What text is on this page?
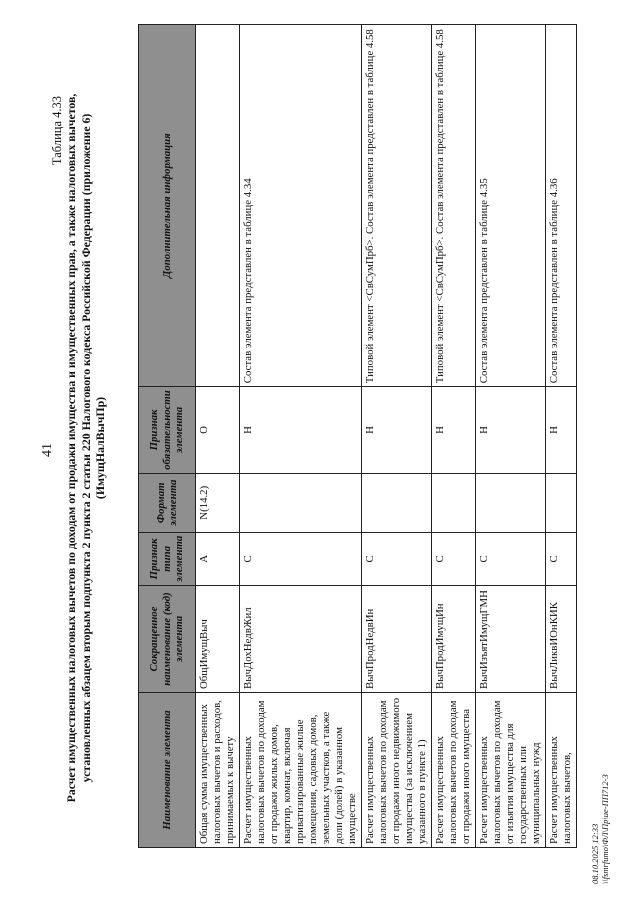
41
Таблица 4.33 Расчет имущественных налоговых вычетов по доходам от продажи имущества и имущественных прав, а также налоговых вычетов, установленных абзацем вторым подпункта 2 пункта 2 статьи 220 Налогового кодекса Российской Федерации (приложение 6) (ИмущНалВычПр)
Наименование элемента	Сокращенное наименование (код) элемента	Признак типа элемента	Формат элемента	Признак обязательности элемента	Дополнительная информация
Общая сумма имущественных налоговых вычетов и расходов, принимаемых к вычету	ОбщИмущВыч	А	N(14.2)	О	
Расчет имущественных налоговых вычетов по доходам от продажи жилых домов, квартир, комнат, включая приватизированные жилые помещения, садовых домов, земельных участков, а также доли (долей) в указанном имуществе	ВычДохНедвЖил	С		Н	Состав элемента представлен в таблице 4.34
Расчет имущественных налоговых вычетов по доходам от продажи иного недвижимого имущества (за исключением указанного в пункте 1)	ВычПродНедвИн	С		Н	Типовой элемент <СвСумПрб>. Состав элемента представлен в таблице 4.58
Расчет имущественных налоговых вычетов по доходам от продажи иного имущества	ВычПродИмущИн	С		Н	Типовой элемент <СвСумПрб>. Состав элемента представлен в таблице 4.58
Расчет имущественных налоговых вычетов по доходам от изъятия имущества для государственных или муниципальных нужд	ВычИзъятИмущГМН	С		Н	Состав элемента представлен в таблице 4.35
Расчет имущественных налоговых вычетов,	ВычЛиквИОнКИК	С		Н	Состав элемента представлен в таблице 4.36
08.10.2025 12:33 \\fsmrfumo\ФЛ\Пр\ue-ПП712-3
